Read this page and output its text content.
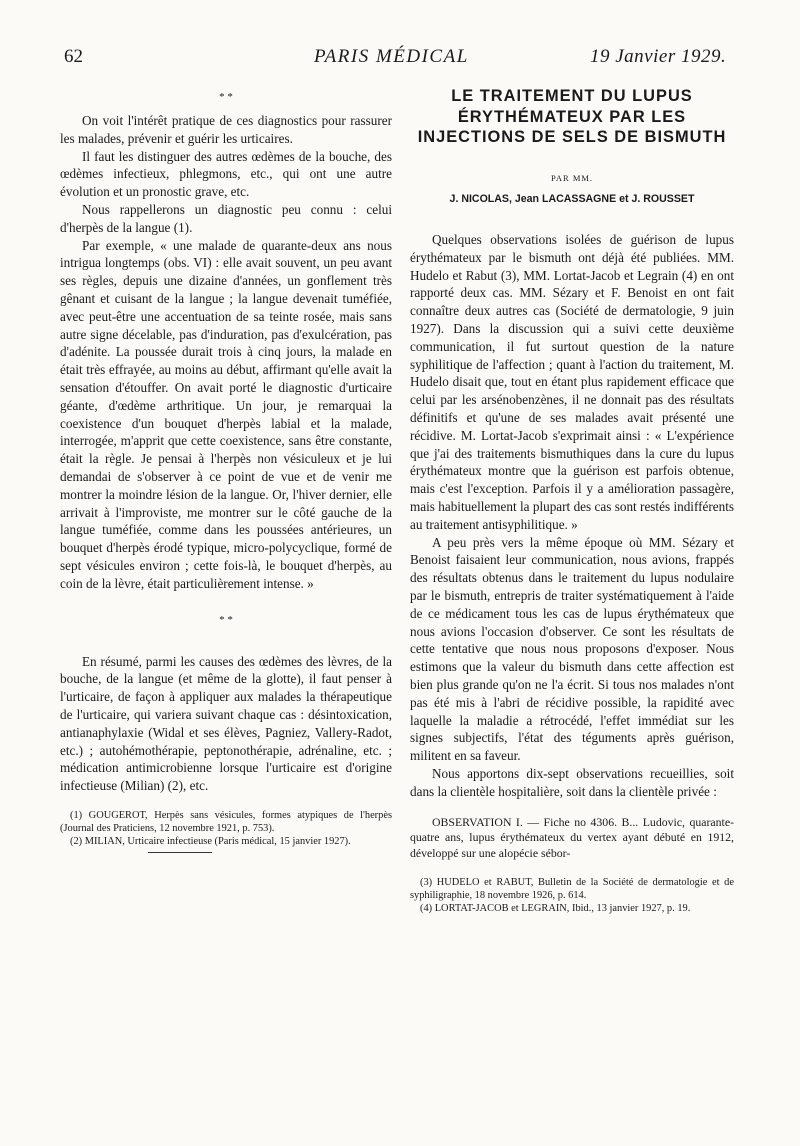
62	PARIS MÉDICAL	19 Janvier 1929.
* *

On voit l'intérêt pratique de ces diagnostics pour rassurer les malades, prévenir et guérir les urticaires.

Il faut les distinguer des autres œdèmes de la bouche, des œdèmes infectieux, phlegmons, etc., qui ont une autre évolution et un pronostic grave, etc.

Nous rappellerons un diagnostic peu connu : celui d'herpès de la langue (1).

Par exemple, « une malade de quarante-deux ans nous intrigua longtemps (obs. VI) : elle avait souvent, un peu avant ses règles, depuis une dizaine d'années, un gonflement très gênant et cuisant de la langue ; la langue devenait tuméfiée, avec peut-être une accentuation de sa teinte rosée, mais sans autre signe décelable, pas d'induration, pas d'exulcération, pas d'adénite. La poussée durait trois à cinq jours, la malade en était très effrayée, au moins au début, affirmant qu'elle avait la sensation d'étouffer. On avait porté le diagnostic d'urticaire géante, d'œdème arthritique. Un jour, je remarquai la coexistence d'un bouquet d'herpès labial et la malade, interrogée, m'apprit que cette coexistence, sans être constante, était la règle. Je pensai à l'herpès non vésiculeux et je lui demandai de s'observer à ce point de vue et de venir me montrer la moindre lésion de la langue. Or, l'hiver dernier, elle arrivait à l'improviste, me montrer sur le côté gauche de la langue tuméfiée, comme dans les poussées antérieures, un bouquet d'herpès érodé typique, micro-polycyclique, formé de sept vésicules environ ; cette fois-là, le bouquet d'herpès, au coin de la lèvre, était particulièrement intense. »

* *

En résumé, parmi les causes des œdèmes des lèvres, de la bouche, de la langue (et même de la glotte), il faut penser à l'urticaire, de façon à appliquer aux malades la thérapeutique de l'urticaire, qui variera suivant chaque cas : désintoxication, antianaphylaxie (Widal et ses élèves, Pagniez, Vallery-Radot, etc.) ; autohémothérapie, peptonothérapie, adrénaline, etc. ; médication antimicrobienne lorsque l'urticaire est d'origine infectieuse (Milian) (2), etc.

(1) GOUGEROT, Herpès sans vésicules, formes atypiques de l'herpès (Journal des Praticiens, 12 novembre 1921, p. 753).

(2) MILIAN, Urticaire infectieuse (Paris médical, 15 janvier 1927).

LE TRAITEMENT DU LUPUS ÉRYTHÉMATEUX PAR LES INJECTIONS DE SELS DE BISMUTH
PAR MM.
J. NICOLAS, Jean LACASSAGNE et J. ROUSSET

Quelques observations isolées de guérison de lupus érythémateux par le bismuth ont déjà été publiées. MM. Hudelo et Rabut (3), MM. Lortat-Jacob et Legrain (4) en ont rapporté deux cas. MM. Sézary et F. Benoist en ont fait connaître deux autres cas (Société de dermatologie, 9 juin 1927). Dans la discussion qui a suivi cette deuxième communication, il fut surtout question de la nature syphilitique de l'affection ; quant à l'action du traitement, M. Hudelo disait que, tout en étant plus rapidement efficace que celui par les arsénobenzènes, il ne donnait pas des résultats définitifs et qu'une de ses malades avait présenté une récidive. M. Lortat-Jacob s'exprimait ainsi : « L'expérience que j'ai des traitements bismuthiques dans la cure du lupus érythémateux montre que la guérison est parfois obtenue, mais c'est l'exception. Parfois il y a amélioration passagère, mais habituellement la plupart des cas sont restés indifférents au traitement antisyphilitique. »

A peu près vers la même époque où MM. Sézary et Benoist faisaient leur communication, nous avions, frappés des résultats obtenus dans le traitement du lupus nodulaire par le bismuth, entrepris de traiter systématiquement à l'aide de ce médicament tous les cas de lupus érythémateux que nous avions l'occasion d'observer. Ce sont les résultats de cette tentative que nous nous proposons d'exposer. Nous estimons que la valeur du bismuth dans cette affection est bien plus grande qu'on ne l'a écrit. Si tous nos malades n'ont pas été mis à l'abri de récidive possible, la rapidité avec laquelle la maladie a rétrocédé, l'effet immédiat sur les signes subjectifs, l'état des téguments après guérison, militent en sa faveur.

Nous apportons dix-sept observations recueillies, soit dans la clientèle hospitalière, soit dans la clientèle privée :

OBSERVATION I. — Fiche no 4306. B... Ludovic, quarante-quatre ans, lupus érythémateux du vertex ayant débuté en 1912, développé sur une alopécie sébor-

(3) HUDELO et RABUT, Bulletin de la Société de dermatologie et de syphiligraphie, 18 novembre 1926, p. 614.

(4) LORTAT-JACOB et LEGRAIN, Ibid., 13 janvier 1927, p. 19.
